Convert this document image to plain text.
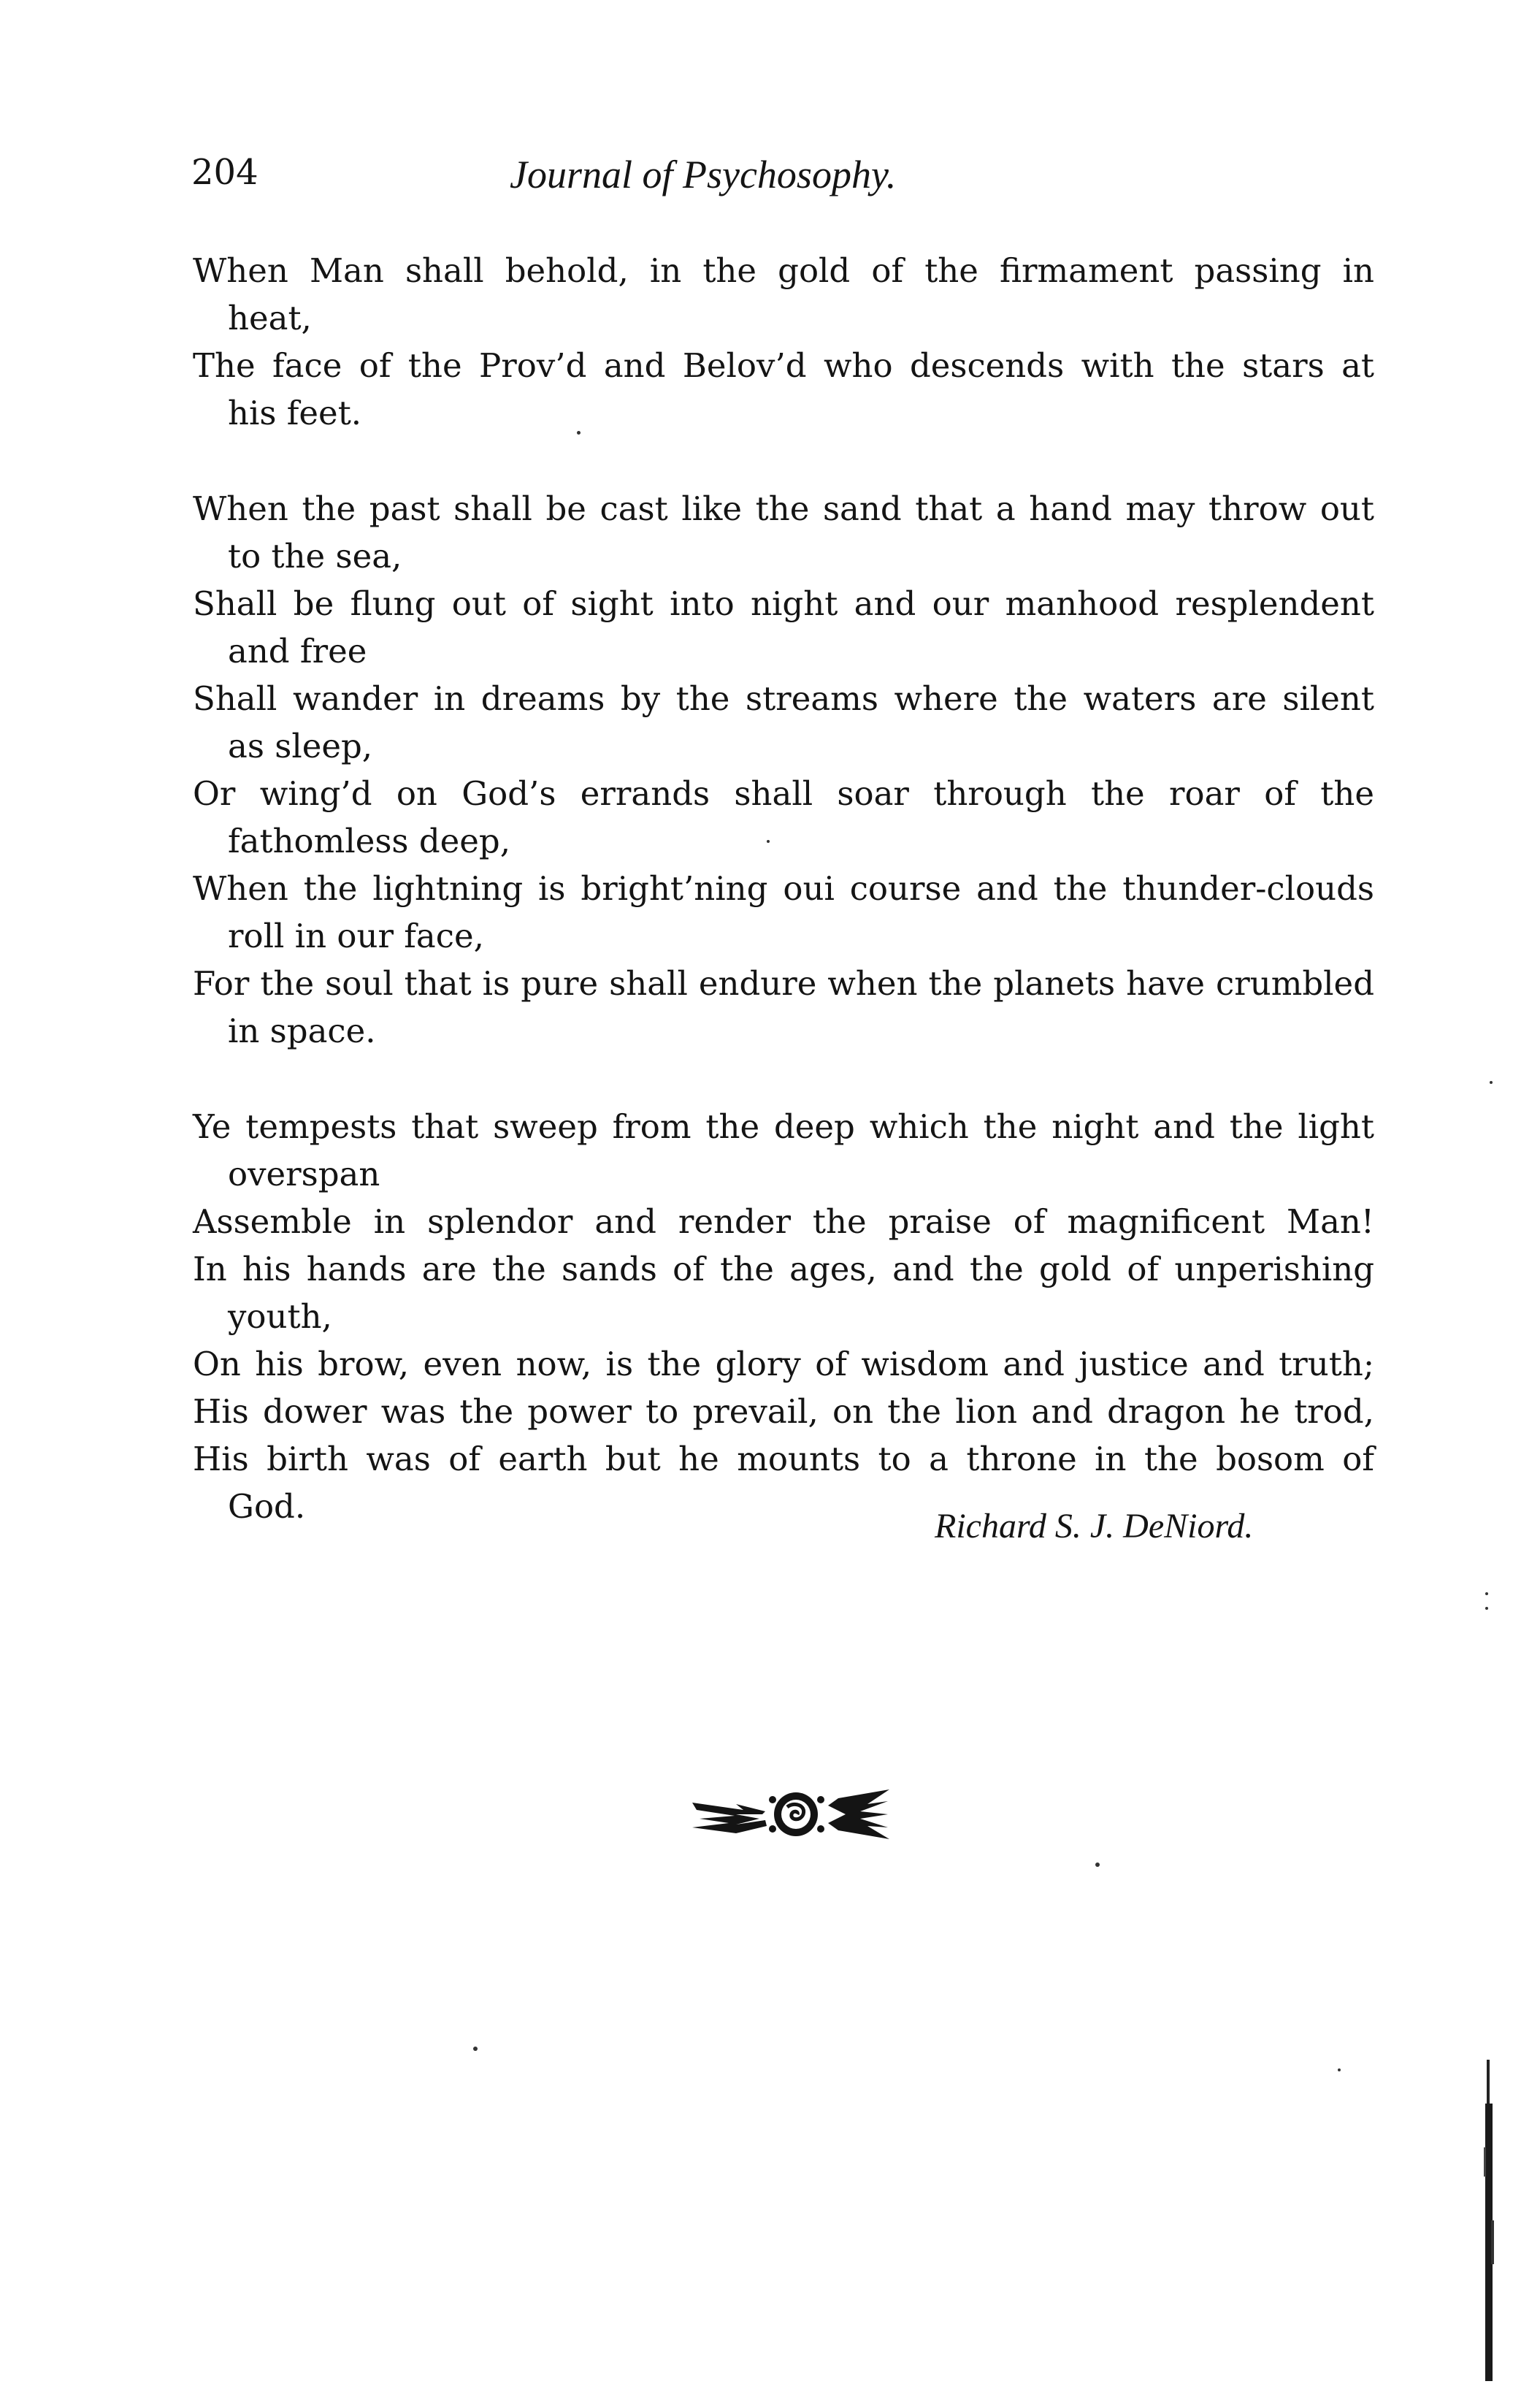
204	Journal of Psychosophy.

When Man shall behold, in the gold of the firmament passing in

heat,

The face of the Prov’d and Belov’d who descends with the stars at

his feet.

When the past shall be cast like the sand that a hand may throw out

to the sea,

Shall be flung out of sight into night and our manhood resplendent

and free

Shall wander in dreams by the streams where the waters are silent

as sleep,

Or wing’d on God’s errands shall soar through the roar of the

fathomless deep,

When the lightning is bright’ning oui course and the thunder-clouds

roll in our face,

For the soul that is pure shall endure when the planets have crumbled

in space.

Ye tempests that sweep from the deep which the night and the light

overspan

Assemble in splendor and render the praise of magnificent Man!

In his hands are the sands of the ages, and the gold of unperishing

youth,

On his brow, even now, is the glory of wisdom and justice and truth;

His dower was the power to prevail, on the lion and dragon he trod,

His birth was of earth but he mounts to a throne in the bosom of

God.

Richard S. J. DeNiord.
